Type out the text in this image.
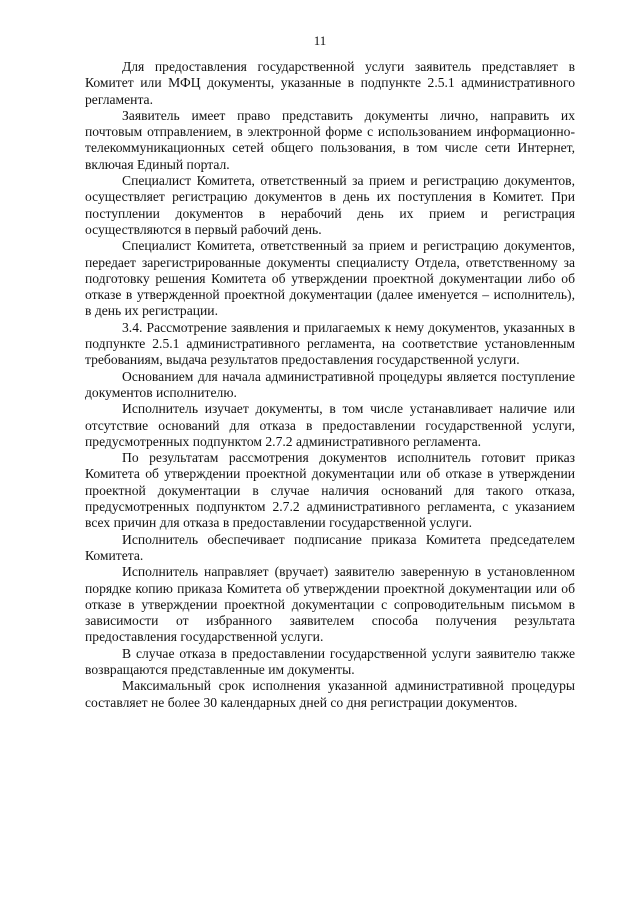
11

Для предоставления государственной услуги заявитель представляет в Комитет или МФЦ документы, указанные в подпункте 2.5.1 административного регламента.

Заявитель имеет право представить документы лично, направить их почтовым отправлением, в электронной форме с использованием информационно-телекоммуникационных сетей общего пользования, в том числе сети Интернет, включая Единый портал.

Специалист Комитета, ответственный за прием и регистрацию документов, осуществляет регистрацию документов в день их поступления в Комитет. При поступлении документов в нерабочий день их прием и регистрация осуществляются в первый рабочий день.

Специалист Комитета, ответственный за прием и регистрацию документов, передает зарегистрированные документы специалисту Отдела, ответственному за подготовку решения Комитета об утверждении проектной документации либо об отказе в утвержденной проектной документации (далее именуется – исполнитель), в день их регистрации.

3.4. Рассмотрение заявления и прилагаемых к нему документов, указанных в подпункте 2.5.1 административного регламента, на соответствие установленным требованиям, выдача результатов предоставления государственной услуги.

Основанием для начала административной процедуры является поступление документов исполнителю.

Исполнитель изучает документы, в том числе устанавливает наличие или отсутствие оснований для отказа в предоставлении государственной услуги, предусмотренных подпунктом 2.7.2 административного регламента.

По результатам рассмотрения документов исполнитель готовит приказ Комитета об утверждении проектной документации или об отказе в утверждении проектной документации в случае наличия оснований для такого отказа, предусмотренных подпунктом 2.7.2 административного регламента, с указанием всех причин для отказа в предоставлении государственной услуги.

Исполнитель обеспечивает подписание приказа Комитета председателем Комитета.

Исполнитель направляет (вручает) заявителю заверенную в установленном порядке копию приказа Комитета об утверждении проектной документации или об отказе в утверждении проектной документации с сопроводительным письмом в зависимости от избранного заявителем способа получения результата предоставления государственной услуги.

В случае отказа в предоставлении государственной услуги заявителю также возвращаются представленные им документы.

Максимальный срок исполнения указанной административной процедуры составляет не более 30 календарных дней со дня регистрации документов.
